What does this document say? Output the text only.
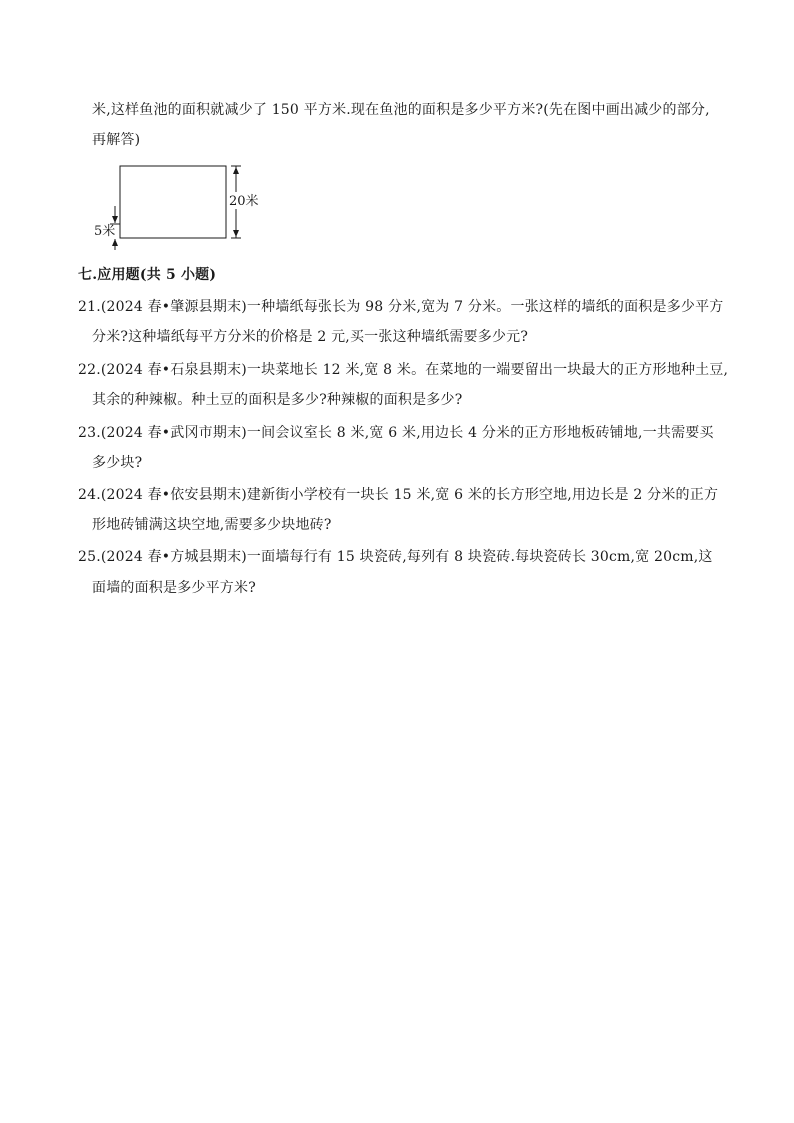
米,这样鱼池的面积就减少了 150 平方米.现在鱼池的面积是多少平方米?(先在图中画出减少的部分,
再解答)
20米
5米
七.应用题(共 5 小题)
21.(2024 春•肇源县期末)一种墙纸每张长为 98 分米,宽为 7 分米。一张这样的墙纸的面积是多少平方
分米?这种墙纸每平方分米的价格是 2 元,买一张这种墙纸需要多少元?
22.(2024 春•石泉县期末)一块菜地长 12 米,宽 8 米。在菜地的一端要留出一块最大的正方形地种土豆,
其余的种辣椒。种土豆的面积是多少?种辣椒的面积是多少?
23.(2024 春•武冈市期末)一间会议室长 8 米,宽 6 米,用边长 4 分米的正方形地板砖铺地,一共需要买
多少块?
24.(2024 春•依安县期末)建新街小学校有一块长 15 米,宽 6 米的长方形空地,用边长是 2 分米的正方
形地砖铺满这块空地,需要多少块地砖?
25.(2024 春•方城县期末)一面墙每行有 15 块瓷砖,每列有 8 块瓷砖.每块瓷砖长 30cm,宽 20cm,这
面墙的面积是多少平方米?
